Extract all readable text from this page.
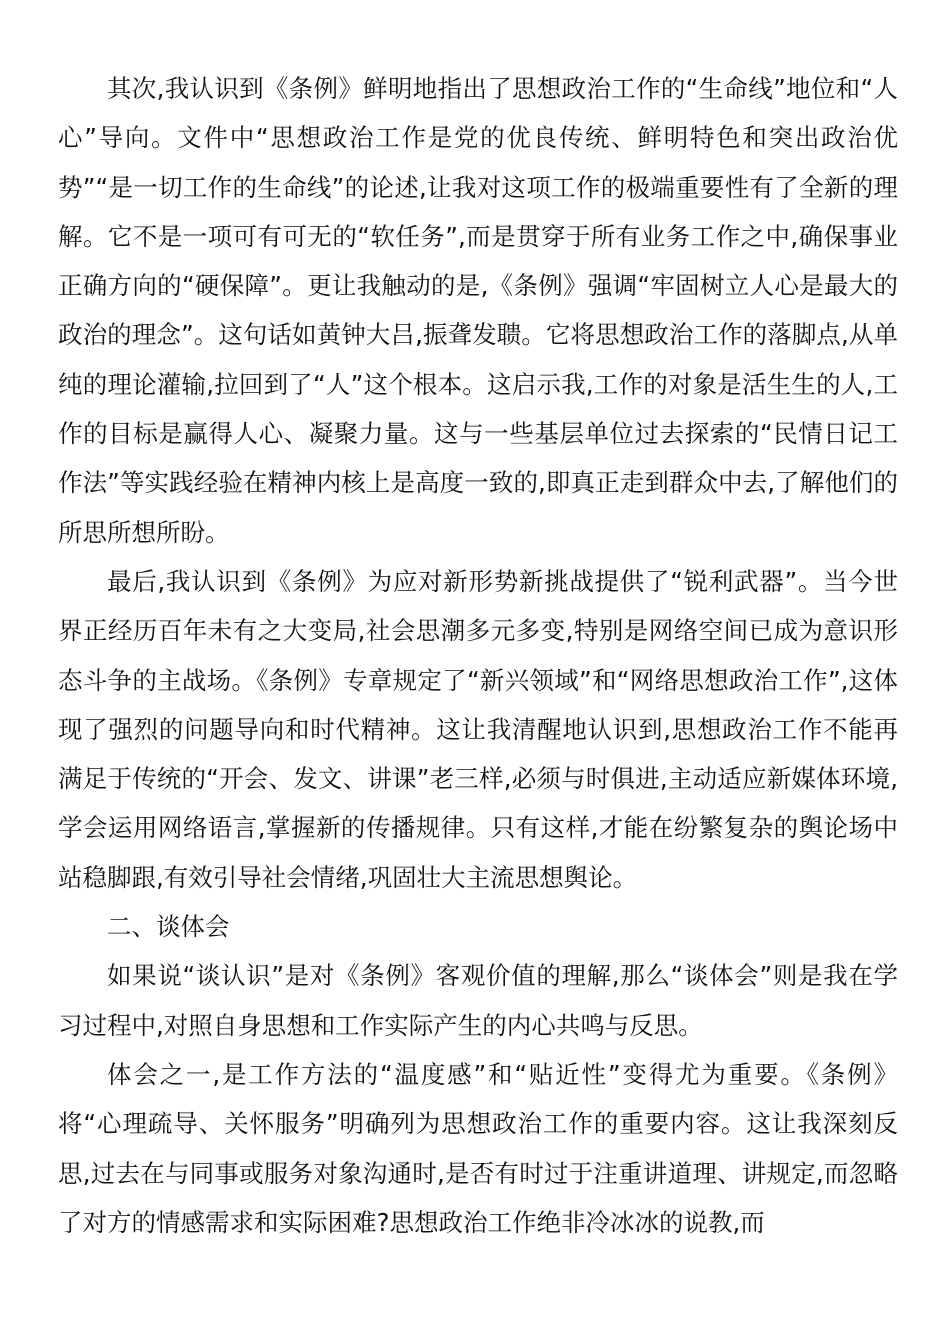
其次,我认识到《条例》鲜明地指出了思想政治工作的“生命线”地位和“人心”导向。文件中“思想政治工作是党的优良传统、鲜明特色和突出政治优势”“是一切工作的生命线”的论述,让我对这项工作的极端重要性有了全新的理解。它不是一项可有可无的“软任务”,而是贯穿于所有业务工作之中,确保事业正确方向的“硬保障”。更让我触动的是,《条例》强调“牢固树立人心是最大的政治的理念”。这句话如黄钟大吕,振聋发聩。它将思想政治工作的落脚点,从单纯的理论灌输,拉回到了“人”这个根本。这启示我,工作的对象是活生生的人,工作的目标是赢得人心、凝聚力量。这与一些基层单位过去探索的“民情日记工作法”等实践经验在精神内核上是高度一致的,即真正走到群众中去,了解他们的所思所想所盼。

最后,我认识到《条例》为应对新形势新挑战提供了“锐利武器”。当今世界正经历百年未有之大变局,社会思潮多元多变,特别是网络空间已成为意识形态斗争的主战场。《条例》专章规定了“新兴领域”和“网络思想政治工作”,这体现了强烈的问题导向和时代精神。这让我清醒地认识到,思想政治工作不能再满足于传统的“开会、发文、讲课”老三样,必须与时俱进,主动适应新媒体环境,学会运用网络语言,掌握新的传播规律。只有这样,才能在纷繁复杂的舆论场中站稳脚跟,有效引导社会情绪,巩固壮大主流思想舆论。

二、谈体会

如果说“谈认识”是对《条例》客观价值的理解,那么“谈体会”则是我在学习过程中,对照自身思想和工作实际产生的内心共鸣与反思。

体会之一,是工作方法的“温度感”和“贴近性”变得尤为重要。《条例》将“心理疏导、关怀服务”明确列为思想政治工作的重要内容。这让我深刻反思,过去在与同事或服务对象沟通时,是否有时过于注重讲道理、讲规定,而忽略了对方的情感需求和实际困难?思想政治工作绝非冷冰冰的说教,而
